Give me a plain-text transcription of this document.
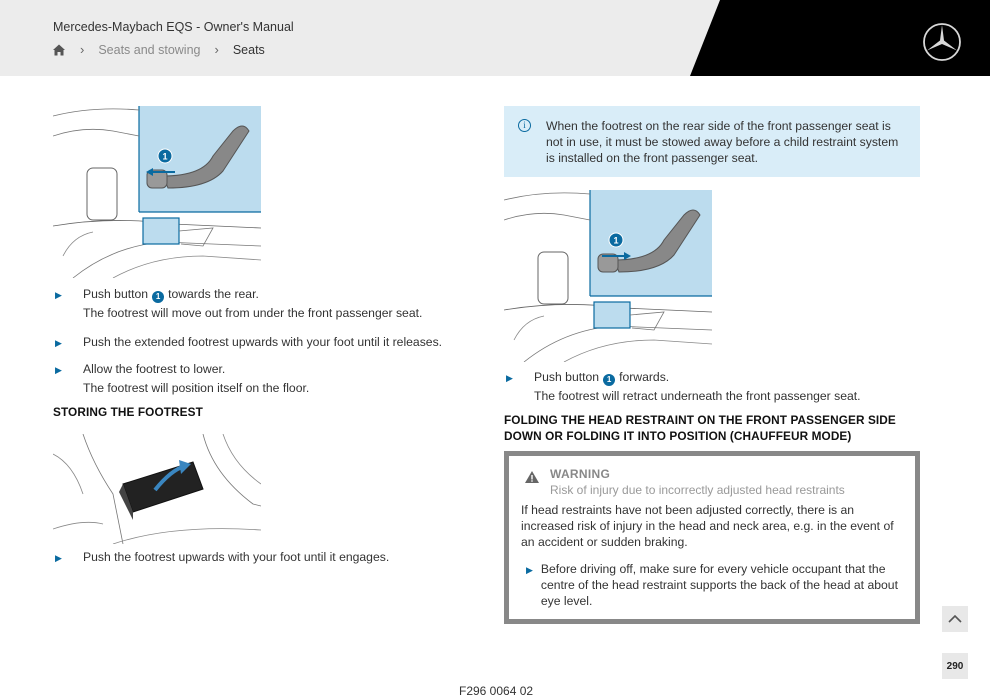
Mercedes-Maybach EQS - Owner's Manual
› Seats and stowing › Seats
1
▶	Push button 1 towards the rear.
The footrest will move out from under the front passenger seat.
▶	Push the extended footrest upwards with your foot until it releases.
▶	Allow the footrest to lower.
The footrest will position itself on the floor.
STORING THE FOOTREST
▶	Push the footrest upwards with your foot until it engages.
i	When the footrest on the rear side of the front passenger seat is not in use, it must be stowed away before a child restraint system is installed on the front passenger seat.
1
▶	Push button 1 forwards.
The footrest will retract underneath the front passenger seat.
FOLDING THE HEAD RESTRAINT ON THE FRONT PASSENGER SIDE DOWN OR FOLDING IT INTO POSITION (CHAUFFEUR MODE)
WARNING
Risk of injury due to incorrectly adjusted head restraints
If head restraints have not been adjusted correctly, there is an increased risk of injury in the head and neck area, e.g. in the event of an accident or sudden braking.
▶ Before driving off, make sure for every vehicle occupant that the centre of the head restraint supports the back of the head at about eye level.
290
F296 0064 02
